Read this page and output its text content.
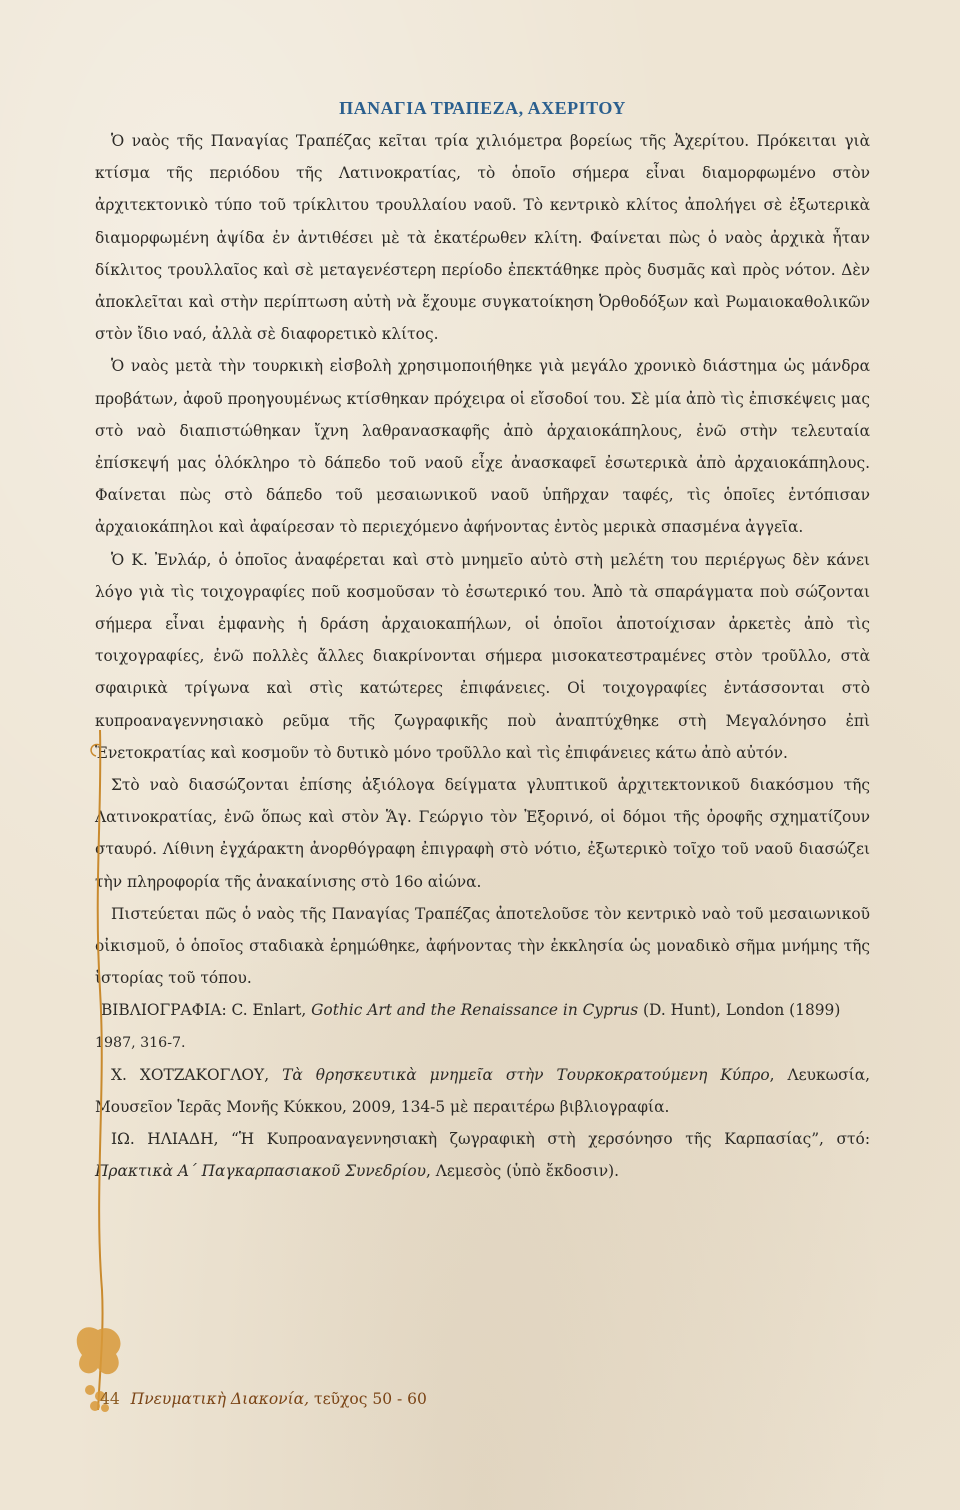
ΠΑΝΑΓΙΑ ΤΡΑΠΕΖΑ, ΑΧΕΡΙΤΟΥ

Ὁ ναὸς τῆς Παναγίας Τραπέζας κεῖται τρία χιλιόμετρα βορείως τῆς Ἀχερίτου. Πρόκειται γιὰ κτίσμα τῆς περιόδου τῆς Λατινοκρατίας, τὸ ὁποῖο σήμερα εἶναι διαμορφωμένο στὸν ἀρχιτεκτονικὸ τύπο τοῦ τρίκλιτου τρουλλαίου ναοῦ. Τὸ κεντρικὸ κλίτος ἀπολήγει σὲ ἐξωτερικὰ διαμορφωμένη ἀψίδα ἐν ἀντιθέσει μὲ τὰ ἑκατέρωθεν κλίτη. Φαίνεται πὼς ὁ ναὸς ἀρχικὰ ἦταν δίκλιτος τρουλλαῖος καὶ σὲ μεταγενέστερη περίοδο ἐπεκτάθηκε πρὸς δυσμᾶς καὶ πρὸς νότον. Δὲν ἀποκλεῖται καὶ στὴν περίπτωση αὐτὴ νὰ ἔχουμε συγκατοίκηση Ὀρθοδόξων καὶ Ρωμαιοκαθολικῶν στὸν ἴδιο ναό, ἀλλὰ σὲ διαφορετικὸ κλίτος.

Ὁ ναὸς μετὰ τὴν τουρκικὴ εἰσβολὴ χρησιμοποιήθηκε γιὰ μεγάλο χρονικὸ διάστημα ὡς μάνδρα προβάτων, ἀφοῦ προηγουμένως κτίσθηκαν πρόχειρα οἱ εἴσοδοί του. Σὲ μία ἀπὸ τὶς ἐπισκέψεις μας στὸ ναὸ διαπιστώθηκαν ἴχνη λαθρανασκαφῆς ἀπὸ ἀρχαιοκάπηλους, ἐνῶ στὴν τελευταία ἐπίσκεψή μας ὁλόκληρο τὸ δάπεδο τοῦ ναοῦ εἶχε ἀνασκαφεῖ ἐσωτερικὰ ἀπὸ ἀρχαιοκάπηλους. Φαίνεται πὼς στὸ δάπεδο τοῦ μεσαιωνικοῦ ναοῦ ὑπῆρχαν ταφές, τὶς ὁποῖες ἐντόπισαν ἀρχαιοκάπηλοι καὶ ἀφαίρεσαν τὸ περιεχόμενο ἀφήνοντας ἐντὸς μερικὰ σπασμένα ἀγγεῖα.

Ὁ Κ. Ἐνλάρ, ὁ ὁποῖος ἀναφέρεται καὶ στὸ μνημεῖο αὐτὸ στὴ μελέτη του περιέργως δὲν κάνει λόγο γιὰ τὶς τοιχογραφίες ποῦ κοσμοῦσαν τὸ ἐσωτερικό του. Ἀπὸ τὰ σπαράγματα ποὺ σώζονται σήμερα εἶναι ἐμφανὴς ἡ δράση ἀρχαιοκαπήλων, οἱ ὁποῖοι ἀποτοίχισαν ἀρκετὲς ἀπὸ τὶς τοιχογραφίες, ἐνῶ πολλὲς ἄλλες διακρίνονται σήμερα μισοκατεστραμένες στὸν τροῦλλο, στὰ σφαιρικὰ τρίγωνα καὶ στὶς κατώτερες ἐπιφάνειες. Οἱ τοιχογραφίες ἐντάσσονται στὸ κυπροαναγεννησιακὸ ρεῦμα τῆς ζωγραφικῆς ποὺ ἀναπτύχθηκε στὴ Μεγαλόνησο ἐπὶ Ἑνετοκρατίας καὶ κοσμοῦν τὸ δυτικὸ μόνο τροῦλλο καὶ τὶς ἐπιφάνειες κάτω ἀπὸ αὐτόν.

Στὸ ναὸ διασώζονται ἐπίσης ἀξιόλογα δείγματα γλυπτικοῦ ἀρχιτεκτονικοῦ διακόσμου τῆς Λατινοκρατίας, ἐνῶ ὅπως καὶ στὸν Ἅγ. Γεώργιο τὸν Ἐξορινό, οἱ δόμοι τῆς ὀροφῆς σχηματίζουν σταυρό. Λίθινη ἐγχάρακτη ἀνορθόγραφη ἐπιγραφὴ στὸ νότιο, ἐξωτερικὸ τοῖχο τοῦ ναοῦ διασώζει τὴν πληροφορία τῆς ἀνακαίνισης στὸ 16ο αἰώνα.

Πιστεύεται πῶς ὁ ναὸς τῆς Παναγίας Τραπέζας ἀποτελοῦσε τὸν κεντρικὸ ναὸ τοῦ μεσαιωνικοῦ οἰκισμοῦ, ὁ ὁποῖος σταδιακὰ ἐρημώθηκε, ἀφήνοντας τὴν ἐκκλησία ὡς μοναδικὸ σῆμα μνήμης τῆς ἱστορίας τοῦ τόπου.

ΒΙΒΛΙΟΓΡΑΦΙΑ: C. Enlart, Gothic Art and the Renaissance in Cyprus (D. Hunt), London (1899)

1987, 316-7.

Χ. ΧΟΤΖΑΚΟΓΛΟΥ, Τὰ θρησκευτικὰ μνημεῖα στὴν Τουρκοκρατούμενη Κύπρο, Λευκωσία, Μουσεῖον Ἱερᾶς Μονῆς Κύκκου, 2009, 134-5 μὲ περαιτέρω βιβλιογραφία.

ΙΩ. ΗΛΙΑΔΗ, “Ἡ Κυπροαναγεννησιακὴ ζωγραφικὴ στὴ χερσόνησο τῆς Καρπασίας”, στό: Πρακτικὰ Α΄ Παγκαρπασιακοῦ Συνεδρίου, Λεμεσὸς (ὑπὸ ἔκδοσιν).

44 Πνευματικὴ Διακονία, τεῦχος 50 - 60
